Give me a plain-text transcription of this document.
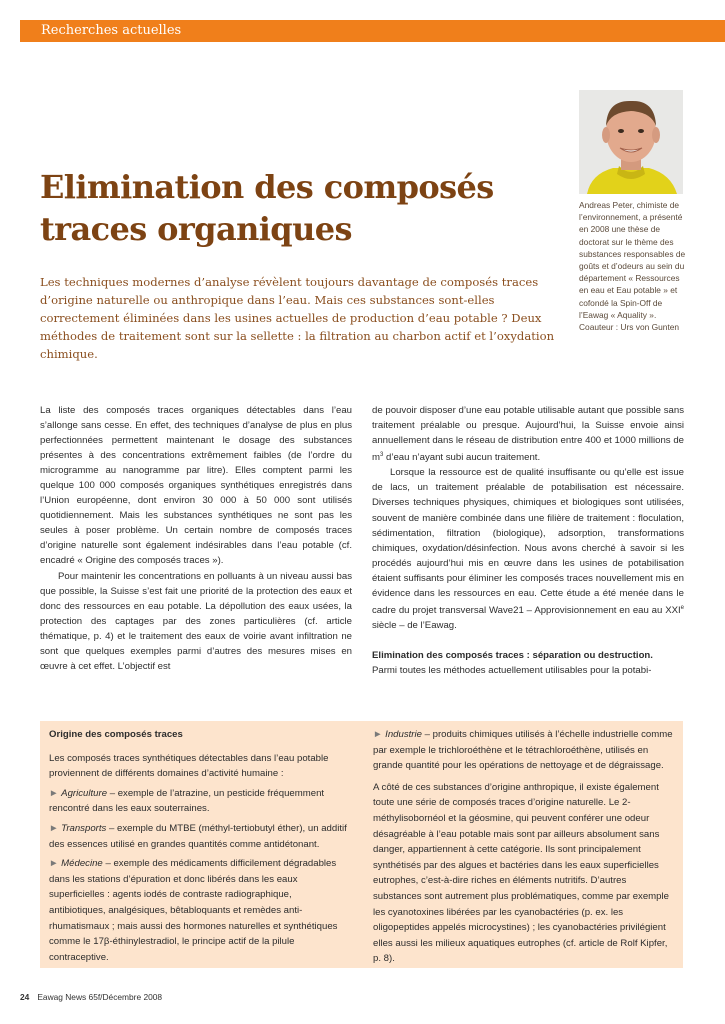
Recherches actuelles
Andreas Peter, chimiste de l’environnement, a présenté en 2008 une thèse de doctorat sur le thème des substances responsables de goûts et d’odeurs au sein du département « Ressources en eau et Eau potable » et cofondé la Spin-Off de l’Eawag « Aquality ». Coauteur : Urs von Gunten
Elimination des composés
traces organiques

Les techniques modernes d’analyse révèlent toujours davantage de composés traces d’origine naturelle ou anthropique dans l’eau. Mais ces substances sont-elles correctement éliminées dans les usines actuelles de production d’eau potable ? Deux méthodes de traitement sont sur la sellette : la filtration au charbon actif et l’oxydation chimique.

La liste des composés traces organiques détectables dans l’eau s’allonge sans cesse. En effet, des techniques d’analyse de plus en plus perfectionnées permettent maintenant le dosage des substances présentes à des concentrations extrêmement faibles (de l’ordre du microgramme au nanogramme par litre). Elles comptent parmi les quelque 100 000 composés organiques synthétiques enregistrés dans l’Union européenne, dont environ 30 000 à 50 000 sont utilisés quotidiennement. Mais les substances synthétiques ne sont pas les seules à poser problème. Un certain nombre de composés traces d’origine naturelle sont également indésirables dans l’eau potable (cf. encadré « Origine des composés traces »).

Pour maintenir les concentrations en polluants à un niveau aussi bas que possible, la Suisse s’est fait une priorité de la protection des eaux et donc des ressources en eau potable. La dépollution des eaux usées, la protection des captages par des zones particulières (cf. article thématique, p. 4) et le traitement des eaux de voirie avant infiltration ne sont que quelques exemples parmi d’autres des mesures mises en œuvre à cet effet. L’objectif est

de pouvoir disposer d’une eau potable utilisable autant que possible sans traitement préalable ou presque. Aujourd’hui, la Suisse envoie ainsi annuellement dans le réseau de distribution entre 400 et 1000 millions de $m^3$ d’eau n’ayant subi aucun traitement.

Lorsque la ressource est de qualité insuffisante ou qu’elle est issue de lacs, un traitement préalable de potabilisation est nécessaire. Diverses techniques physiques, chimiques et biologiques sont utilisées, souvent de manière combinée dans une filière de traitement : floculation, sédimentation, filtration (biologique), adsorption, transformations chimiques, oxydation/désinfection. Nous avons cherché à savoir si les procédés aujourd’hui mis en œuvre dans les usines de potabilisation étaient suffisants pour éliminer les composés traces nouvellement mis en évidence dans les ressources en eau. Cette étude a été menée dans le cadre du projet transversal Wave21 – Approvisionnement en eau au XXIe siècle – de l’Eawag.

Elimination des composés traces : séparation ou destruction.

Parmi toutes les méthodes actuellement utilisables pour la potabi-

Origine des composés traces

Les composés traces synthétiques détectables dans l’eau potable proviennent de différents domaines d’activité humaine :

► Agriculture – exemple de l’atrazine, un pesticide fréquemment rencontré dans les eaux souterraines.

► Transports – exemple du MTBE (méthyl-tertiobutyl éther), un additif des essences utilisé en grandes quantités comme antidétonant.

► Médecine – exemple des médicaments difficilement dégradables dans les stations d’épuration et donc libérés dans les eaux superficielles : agents iodés de contraste radiographique, antibiotiques, analgésiques, bêtabloquants et remèdes anti-rhumatismaux ; mais aussi des hormones naturelles et synthétiques comme le 17β-éthinylestradiol, le principe actif de la pilule contraceptive.

► Industrie – produits chimiques utilisés à l’échelle industrielle comme par exemple le trichloroéthène et le tétrachloroéthène, utilisés en grande quantité pour les opérations de nettoyage et de dégraissage.

A côté de ces substances d’origine anthropique, il existe également toute une série de composés traces d’origine naturelle. Le 2-méthylisobornéol et la géosmine, qui peuvent conférer une odeur désagréable à l’eau potable mais sont par ailleurs absolument sans danger, appartiennent à cette catégorie. Ils sont principalement synthétisés par des algues et bactéries dans les eaux superficielles eutrophes, c’est-à-dire riches en éléments nutritifs. D’autres substances sont autrement plus problématiques, comme par exemple les cyanotoxines libérées par les cyanobactéries (p. ex. les oligopeptides appelés microcystines) ; les cyanobactéries privilégient elles aussi les milieux aquatiques eutrophes (cf. article de Rolf Kipfer, p. 8).

24 Eawag News 65f/Décembre 2008
